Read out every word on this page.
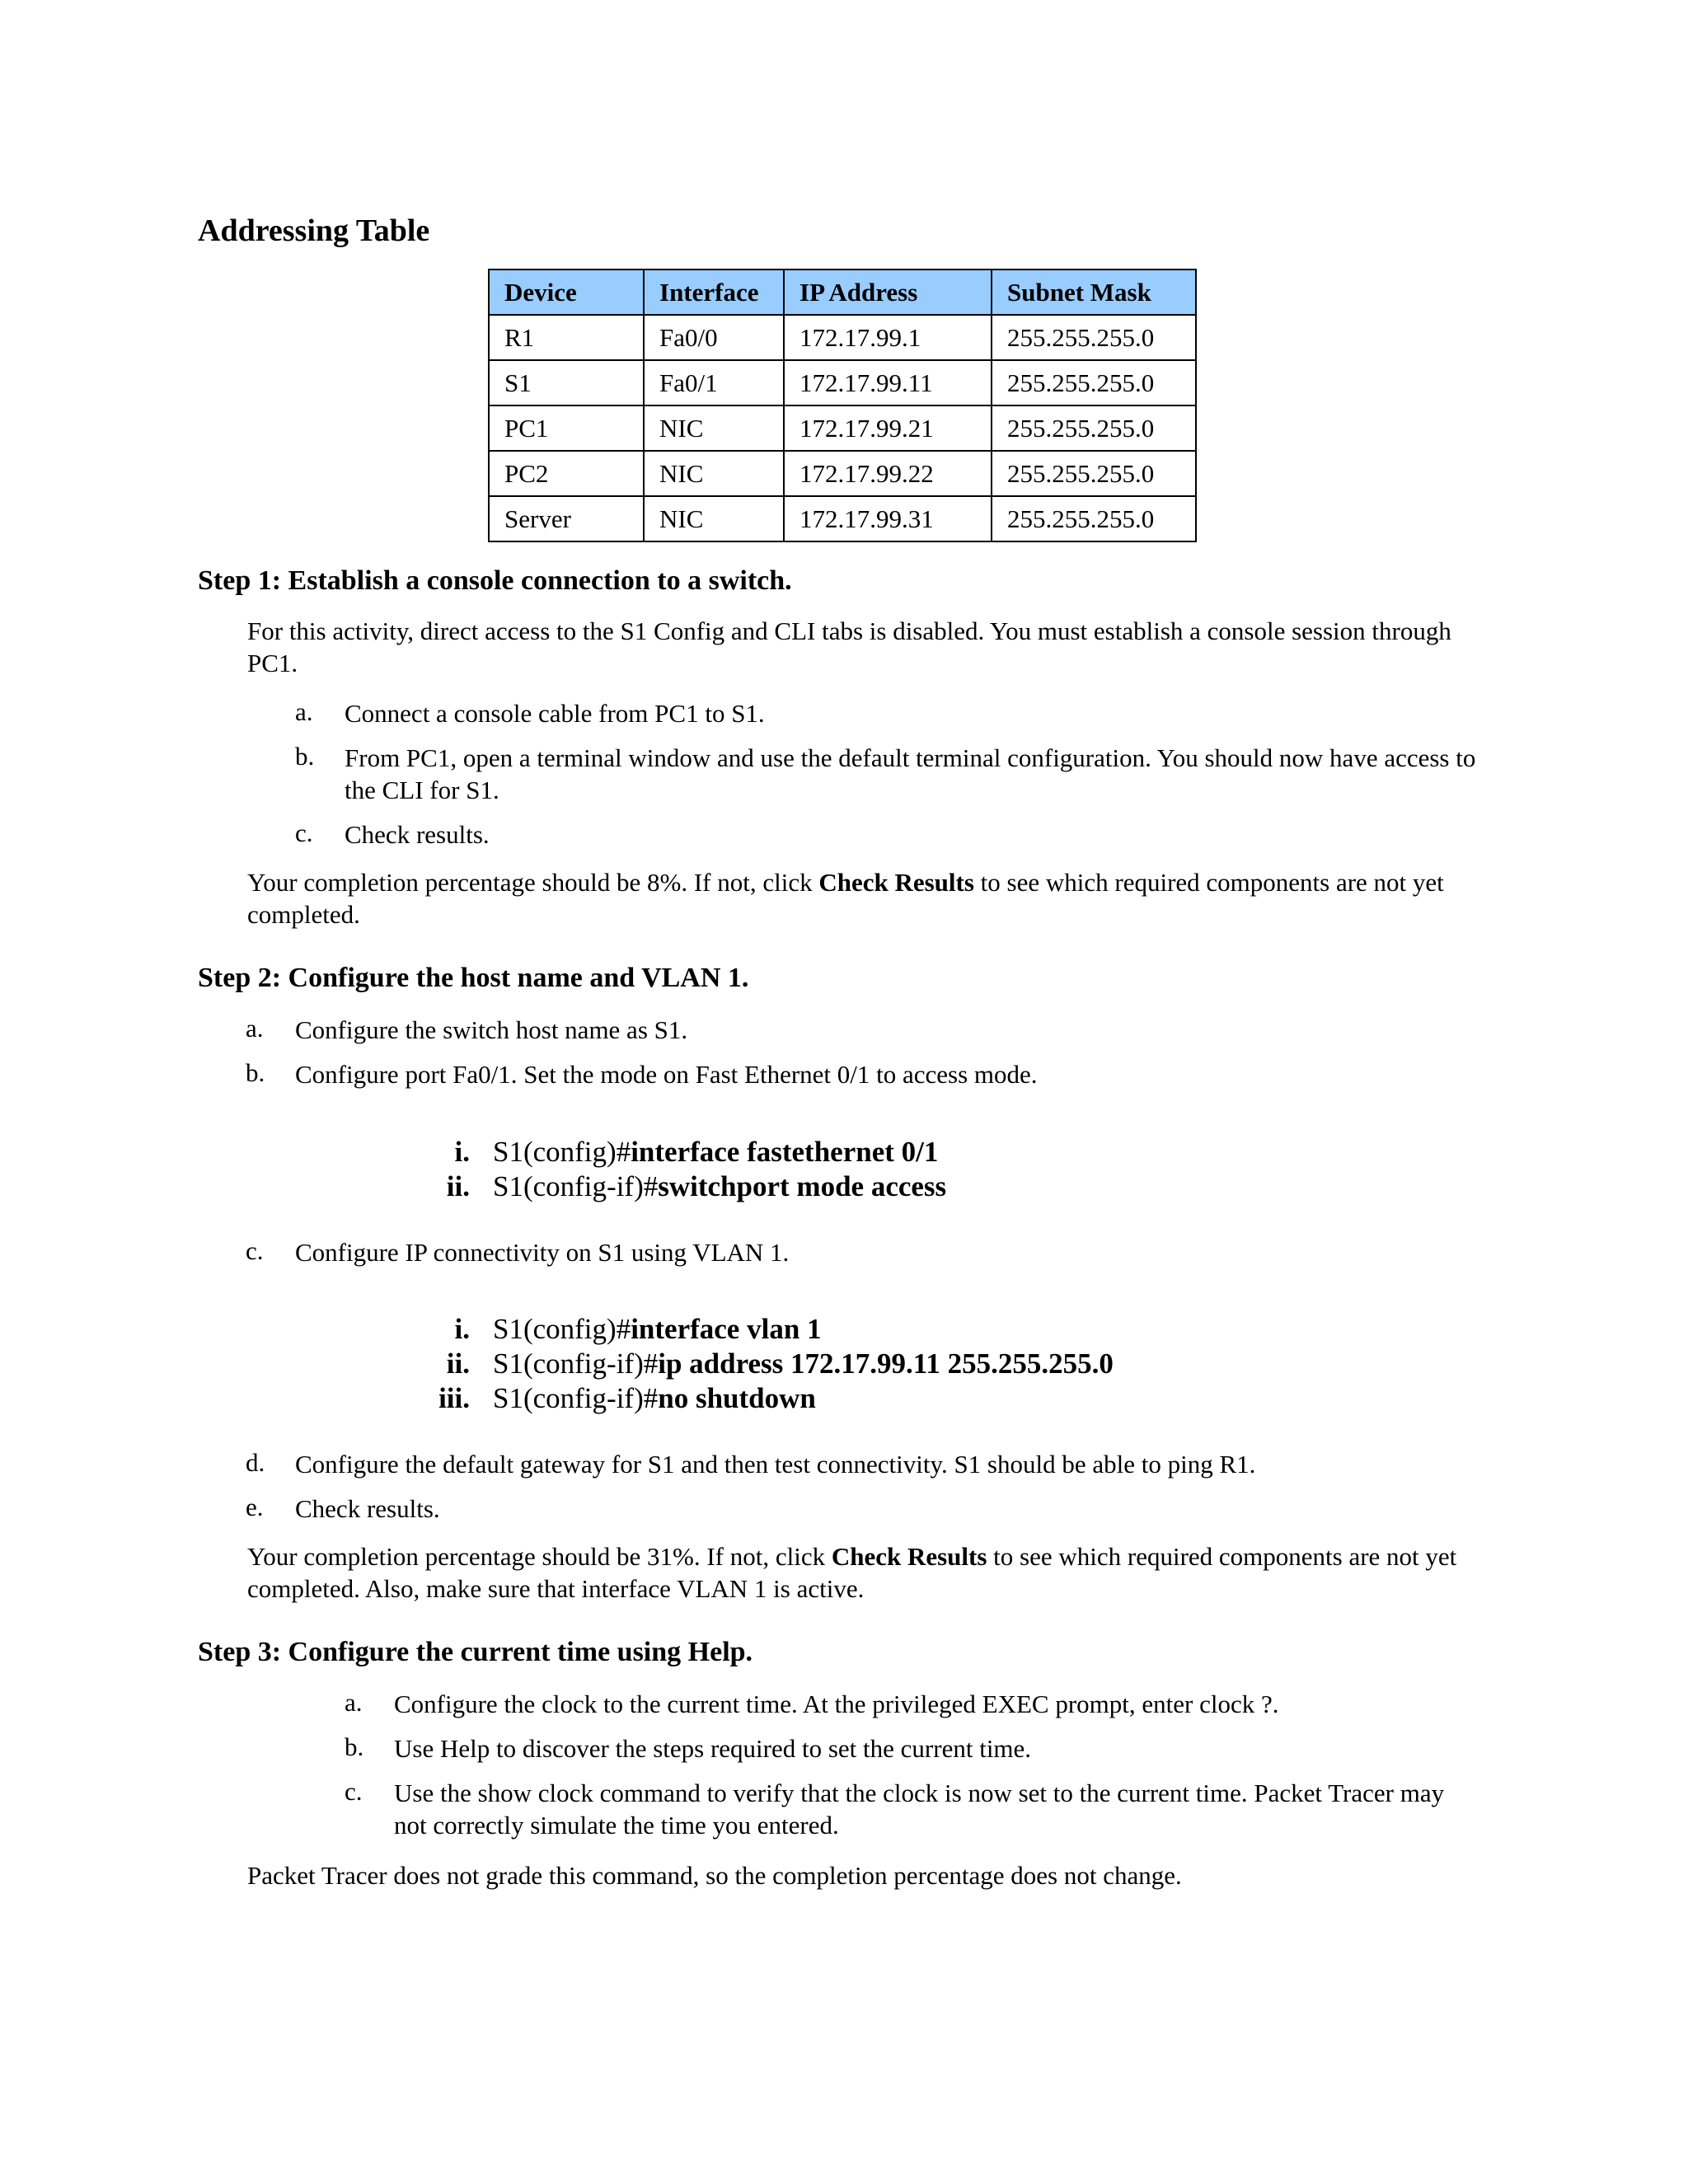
Addressing Table
Device	Interface	IP Address	Subnet Mask
R1	Fa0/0	172.17.99.1	255.255.255.0
S1	Fa0/1	172.17.99.11	255.255.255.0
PC1	NIC	172.17.99.21	255.255.255.0
PC2	NIC	172.17.99.22	255.255.255.0
Server	NIC	172.17.99.31	255.255.255.0
Step 1: Establish a console connection to a switch.
For this activity, direct access to the S1 Config and CLI tabs is disabled. You must establish a console session through PC1.
a. Connect a console cable from PC1 to S1.
b. From PC1, open a terminal window and use the default terminal configuration. You should now have access to the CLI for S1.
c. Check results.
Your completion percentage should be 8%. If not, click Check Results to see which required components are not yet completed.
Step 2: Configure the host name and VLAN 1.
a. Configure the switch host name as S1.
b. Configure port Fa0/1. Set the mode on Fast Ethernet 0/1 to access mode.
i. S1(config)#interface fastethernet 0/1
ii. S1(config-if)#switchport mode access
c. Configure IP connectivity on S1 using VLAN 1.
i. S1(config)#interface vlan 1
ii. S1(config-if)#ip address 172.17.99.11 255.255.255.0
iii. S1(config-if)#no shutdown
d. Configure the default gateway for S1 and then test connectivity. S1 should be able to ping R1.
e. Check results.
Your completion percentage should be 31%. If not, click Check Results to see which required components are not yet completed. Also, make sure that interface VLAN 1 is active.
Step 3: Configure the current time using Help.
a. Configure the clock to the current time. At the privileged EXEC prompt, enter clock ?.
b. Use Help to discover the steps required to set the current time.
c. Use the show clock command to verify that the clock is now set to the current time. Packet Tracer may not correctly simulate the time you entered.
Packet Tracer does not grade this command, so the completion percentage does not change.
